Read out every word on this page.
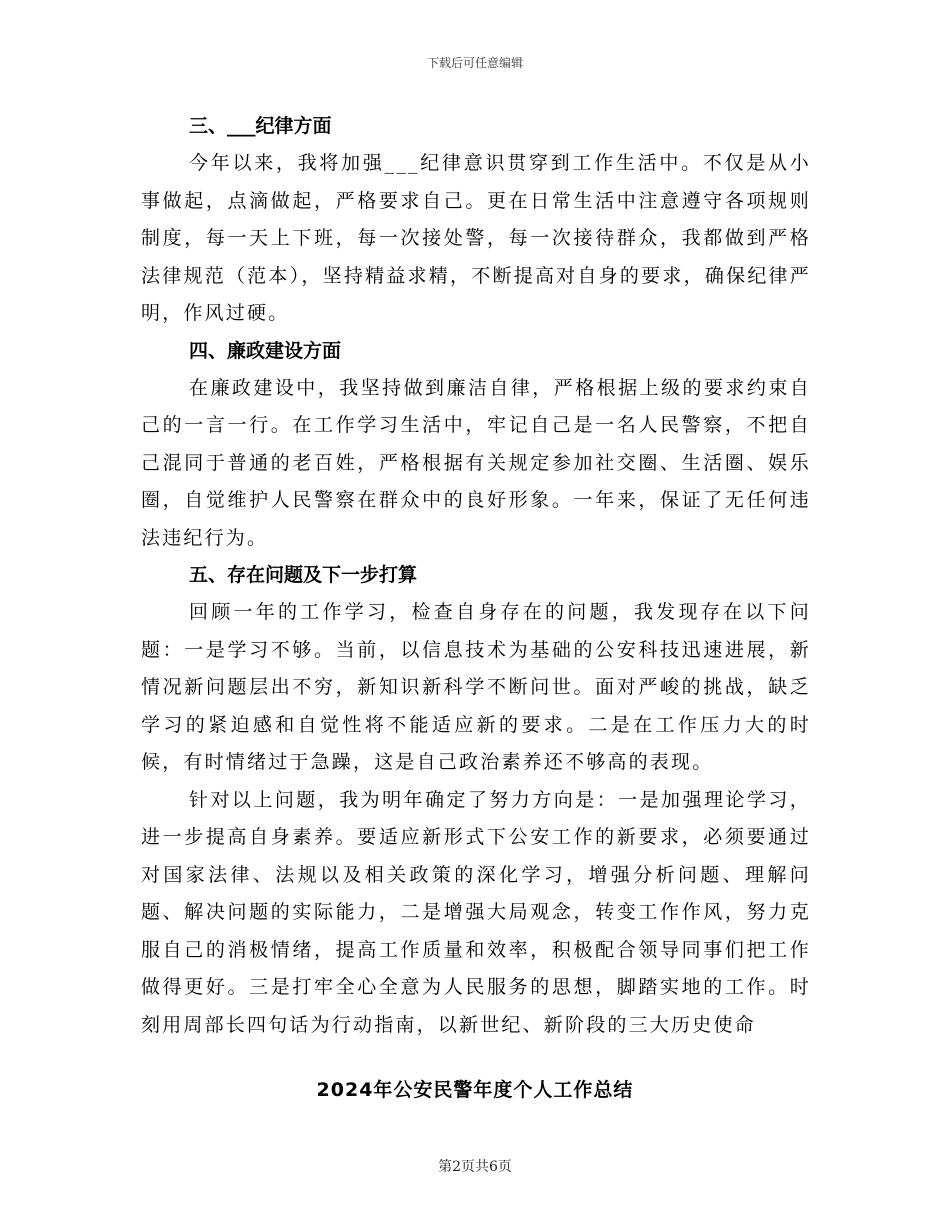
下载后可任意编辑
三、___纪律方面

今年以来，我将加强___纪律意识贯穿到工作生活中。不仅是从小事做起，点滴做起，严格要求自己。更在日常生活中注意遵守各项规则制度，每一天上下班，每一次接处警，每一次接待群众，我都做到严格法律规范（范本），坚持精益求精，不断提高对自身的要求，确保纪律严明，作风过硬。

四、廉政建设方面

在廉政建设中，我坚持做到廉洁自律，严格根据上级的要求约束自己的一言一行。在工作学习生活中，牢记自己是一名人民警察，不把自己混同于普通的老百姓，严格根据有关规定参加社交圈、生活圈、娱乐圈，自觉维护人民警察在群众中的良好形象。一年来，保证了无任何违法违纪行为。

五、存在问题及下一步打算

回顾一年的工作学习，检查自身存在的问题，我发现存在以下问题：一是学习不够。当前，以信息技术为基础的公安科技迅速进展，新情况新问题层出不穷，新知识新科学不断问世。面对严峻的挑战，缺乏学习的紧迫感和自觉性将不能适应新的要求。二是在工作压力大的时候，有时情绪过于急躁，这是自己政治素养还不够高的表现。

针对以上问题，我为明年确定了努力方向是：一是加强理论学习，进一步提高自身素养。要适应新形式下公安工作的新要求，必须要通过对国家法律、法规以及相关政策的深化学习，增强分析问题、理解问题、解决问题的实际能力，二是增强大局观念，转变工作作风，努力克服自己的消极情绪，提高工作质量和效率，积极配合领导同事们把工作做得更好。三是打牢全心全意为人民服务的思想，脚踏实地的工作。时刻用周部长四句话为行动指南，以新世纪、新阶段的三大历史使命

2024年公安民警年度个人工作总结
第2页共6页
